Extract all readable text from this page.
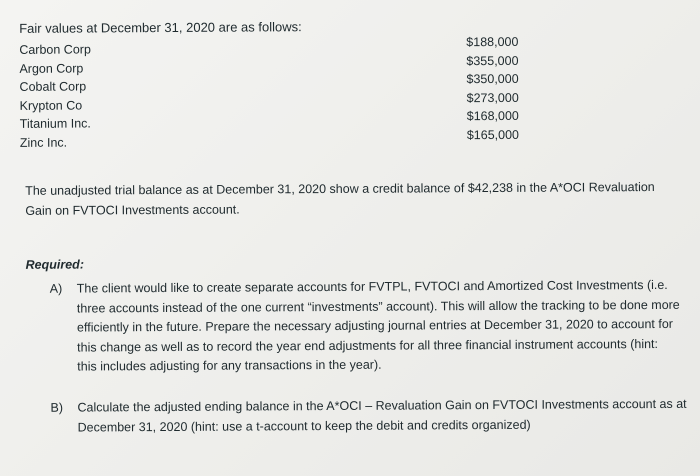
Fair values at December 31, 2020 are as follows:
Carbon Corp
Argon Corp
Cobalt Corp
Krypton Co
Titanium Inc.
Zinc Inc.
$188,000
$355,000
$350,000
$273,000
$168,000
$165,000
The unadjusted trial balance as at December 31, 2020 show a credit balance of $42,238 in the A*OCI Revaluation Gain on FVTOCI Investments account.
Required:
A)	The client would like to create separate accounts for FVTPL, FVTOCI and Amortized Cost Investments (i.e. three accounts instead of the one current “investments” account). This will allow the tracking to be done more efficiently in the future. Prepare the necessary adjusting journal entries at December 31, 2020 to account for this change as well as to record the year end adjustments for all three financial instrument accounts (hint: this includes adjusting for any transactions in the year).
B)	Calculate the adjusted ending balance in the A*OCI – Revaluation Gain on FVTOCI Investments account as at December 31, 2020 (hint: use a t-account to keep the debit and credits organized)
